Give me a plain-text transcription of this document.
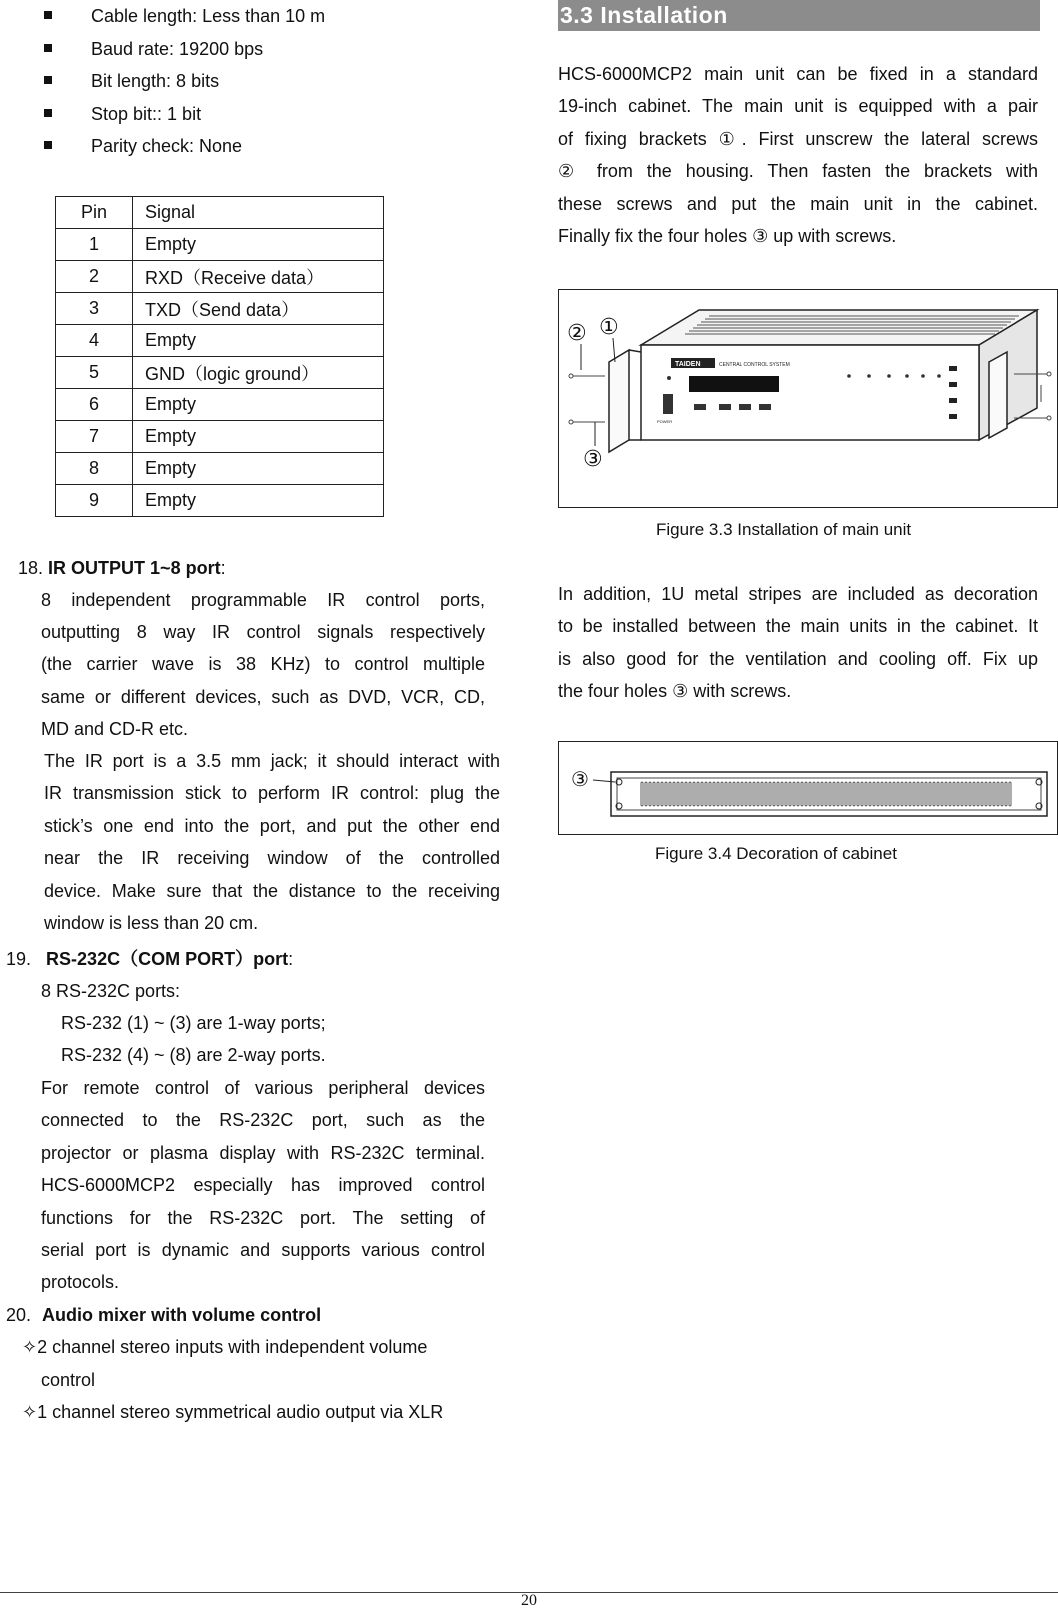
Cable length: Less than 10 m
Baud rate: 19200 bps
Bit length: 8 bits
Stop bit:: 1 bit
Parity check: None
Pin	Signal
1	Empty
2	RXD（Receive data）
3	TXD（Send data）
4	Empty
5	GND（logic ground）
6	Empty
7	Empty
8	Empty
9	Empty
18. IR OUTPUT 1~8 port:
8 independent programmable IR control ports,
outputting 8 way IR control signals respectively
(the carrier wave is 38 KHz) to control multiple
same or different devices, such as DVD, VCR, CD,
MD and CD-R etc.
The IR port is a 3.5 mm jack; it should interact with
IR transmission stick to perform IR control: plug the
stick’s one end into the port, and put the other end
near the IR receiving window of the controlled
device. Make sure that the distance to the receiving
window is less than 20 cm.
19. RS-232C（COM PORT）port:
8 RS-232C ports:
RS-232 (1) ~ (3) are 1-way ports;
RS-232 (4) ~ (8) are 2-way ports.
For remote control of various peripheral devices
connected to the RS-232C port, such as the
projector or plasma display with RS-232C terminal.
HCS-6000MCP2 especially has improved control
functions for the RS-232C port. The setting of
serial port is dynamic and supports various control
protocols.
20. Audio mixer with volume control
✧2 channel stereo inputs with independent volume
control
✧1 channel stereo symmetrical audio output via XLR
3.3 Installation
HCS-6000MCP2 main unit can be fixed in a standard
19-inch cabinet. The main unit is equipped with a pair
of fixing brackets ①. First unscrew the lateral screws
② from the housing. Then fasten the brackets with
these screws and put the main unit in the cabinet.
Finally fix the four holes ③ up with screws.
TAIDEN	CENTRAL CONTROL SYSTEM
POWER
② ①
③
Figure 3.3 Installation of main unit
In addition, 1U metal stripes are included as decoration
to be installed between the main units in the cabinet. It
is also good for the ventilation and cooling off. Fix up
the four holes ③ with screws.
③
Figure 3.4 Decoration of cabinet
20
